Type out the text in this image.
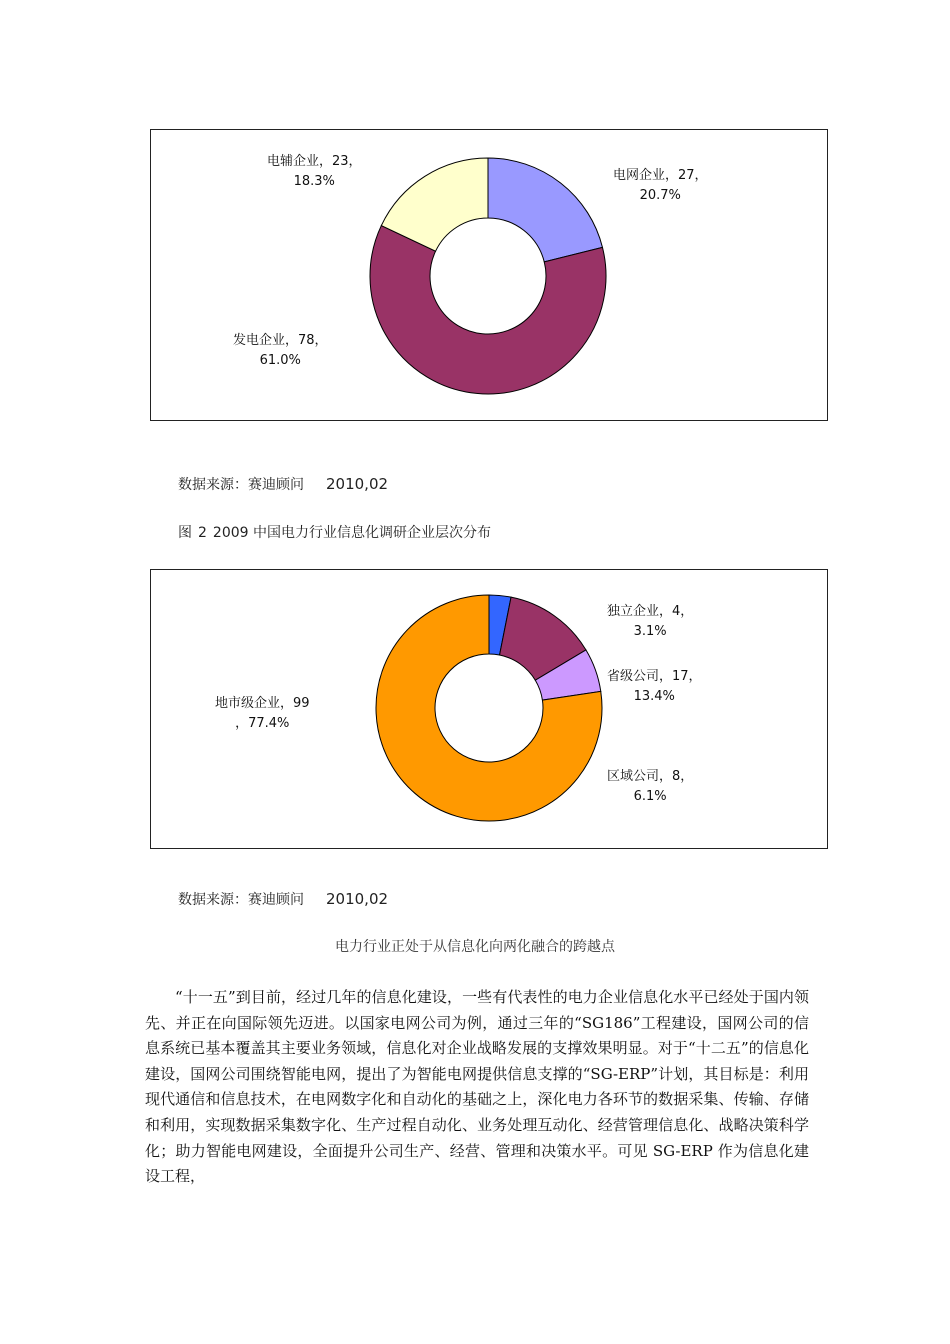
电网企业，27，
20.7%
发电企业，78，
61.0%
电辅企业，23，
18.3%
数据来源：赛迪顾问 2010,02
图 2 2009 中国电力行业信息化调研企业层次分布
独立企业，4，
3.1%
省级公司，17，
13.4%
区域公司，8，
6.1%
地市级企业，99
，77.4%
数据来源：赛迪顾问 2010,02
电力行业正处于从信息化向两化融合的跨越点

“十一五”到目前，经过几年的信息化建设，一些有代表性的电力企业信息化水平已经处于国内领先、并正在向国际领先迈进。以国家电网公司为例，通过三年的“SG186”工程建设，国网公司的信息系统已基本覆盖其主要业务领域，信息化对企业战略发展的支撑效果明显。对于“十二五”的信息化建设，国网公司围绕智能电网，提出了为智能电网提供信息支撑的“SG-ERP”计划，其目标是：利用现代通信和信息技术，在电网数字化和自动化的基础之上，深化电力各环节的数据采集、传输、存储和利用，实现数据采集数字化、生产过程自动化、业务处理互动化、经营管理信息化、战略决策科学化；助力智能电网建设，全面提升公司生产、经营、管理和决策水平。可见 SG-ERP 作为信息化建设工程，
